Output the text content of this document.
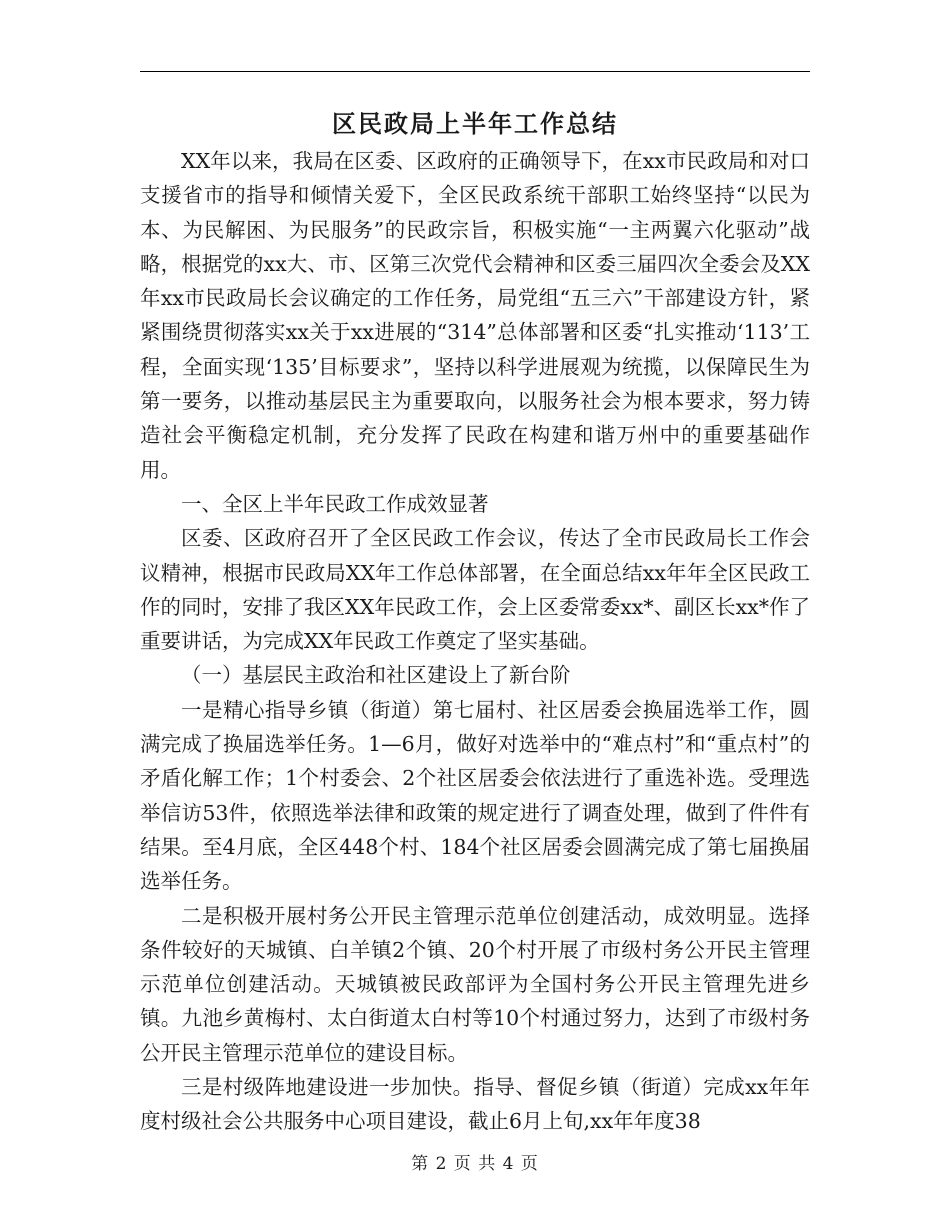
区民政局上半年工作总结

XX年以来，我局在区委、区政府的正确领导下，在xx市民政局和对口支援省市的指导和倾情关爱下，全区民政系统干部职工始终坚持“以民为本、为民解困、为民服务”的民政宗旨，积极实施“一主两翼六化驱动”战略，根据党的xx大、市、区第三次党代会精神和区委三届四次全委会及XX年xx市民政局长会议确定的工作任务，局党组“五三六”干部建设方针，紧紧围绕贯彻落实xx关于xx进展的“314”总体部署和区委“扎实推动‘113’工程，全面实现‘135’目标要求”，坚持以科学进展观为统揽，以保障民生为第一要务，以推动基层民主为重要取向，以服务社会为根本要求，努力铸造社会平衡稳定机制，充分发挥了民政在构建和谐万州中的重要基础作用。

一、全区上半年民政工作成效显著

区委、区政府召开了全区民政工作会议，传达了全市民政局长工作会议精神，根据市民政局XX年工作总体部署，在全面总结xx年年全区民政工作的同时，安排了我区XX年民政工作，会上区委常委xx*、副区长xx*作了重要讲话，为完成XX年民政工作奠定了坚实基础。

（一）基层民主政治和社区建设上了新台阶

一是精心指导乡镇（街道）第七届村、社区居委会换届选举工作，圆满完成了换届选举任务。1—6月，做好对选举中的“难点村”和“重点村”的矛盾化解工作；1个村委会、2个社区居委会依法进行了重选补选。受理选举信访53件，依照选举法律和政策的规定进行了调查处理，做到了件件有结果。至4月底，全区448个村、184个社区居委会圆满完成了第七届换届选举任务。

二是积极开展村务公开民主管理示范单位创建活动，成效明显。选择条件较好的天城镇、白羊镇2个镇、20个村开展了市级村务公开民主管理示范单位创建活动。天城镇被民政部评为全国村务公开民主管理先进乡镇。九池乡黄梅村、太白街道太白村等10个村通过努力，达到了市级村务公开民主管理示范单位的建设目标。

三是村级阵地建设进一步加快。指导、督促乡镇（街道）完成xx年年度村级社会公共服务中心项目建设，截止6月上旬,xx年年度38

第 2 页 共 4 页
